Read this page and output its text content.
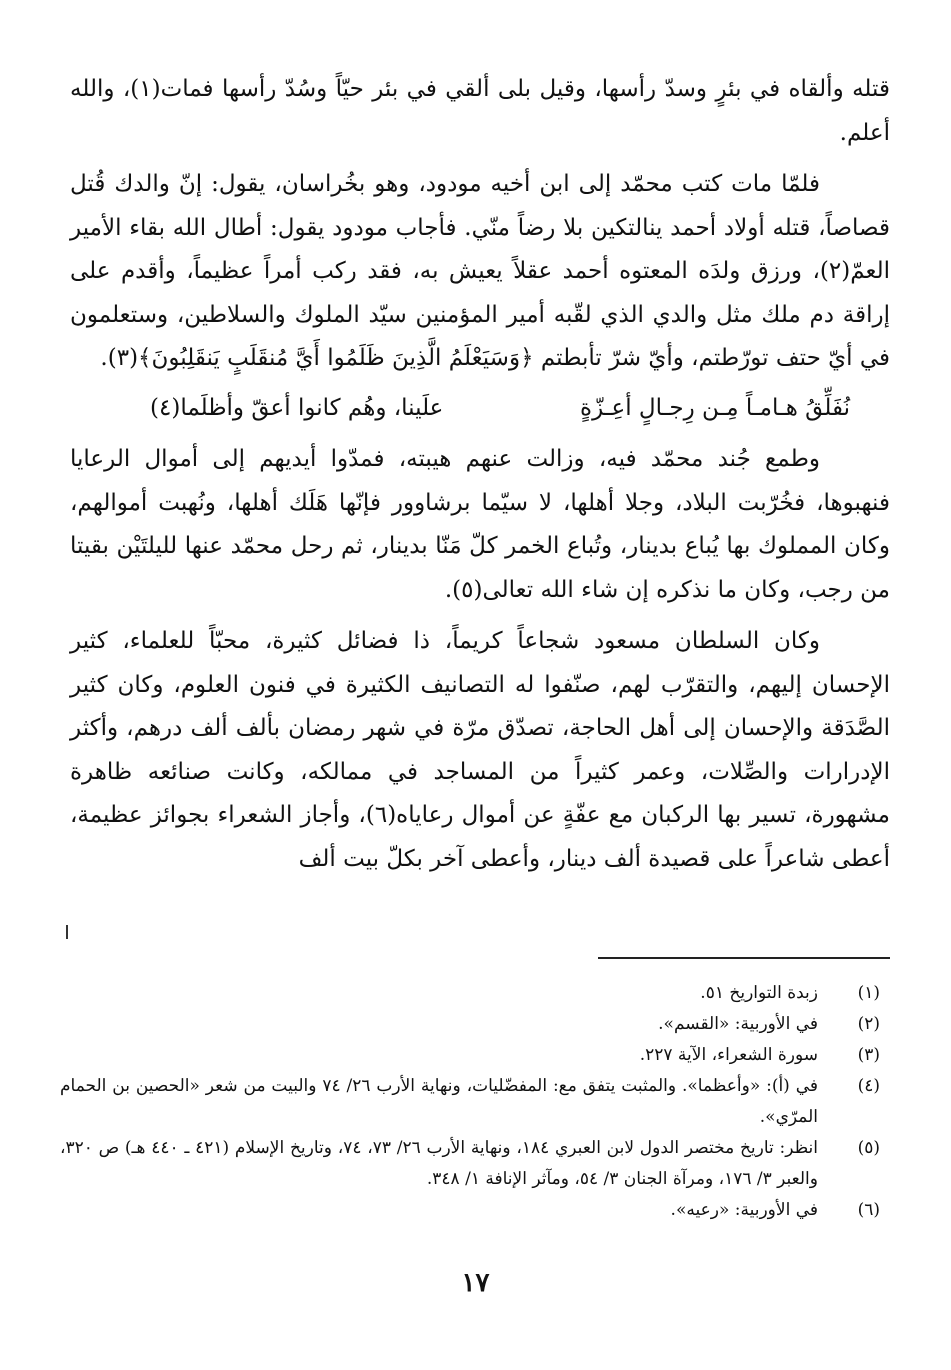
قتله وألقاه في بئرٍ وسدّ رأسها، وقيل بلى ألقي في بئر حيّاً وسُدّ رأسها فمات(١)، والله أعلم.

فلمّا مات كتب محمّد إلى ابن أخيه مودود، وهو بخُراسان، يقول: إنّ والدك قُتل قصاصاً، قتله أولاد أحمد ينالتكين بلا رضاً منّي. فأجاب مودود يقول: أطال الله بقاء الأمير العمّ(٢)، ورزق ولدَه المعتوه أحمد عقلاً يعيش به، فقد ركب أمراً عظيماً، وأقدم على إراقة دم ملك مثل والدي الذي لقّبه أمير المؤمنين سيّد الملوك والسلاطين، وستعلمون في أيّ حتف تورّطتم، وأيّ شرّ تأبطتم ﴿وَسَيَعْلَمُ الَّذِينَ ظَلَمُوا أَيَّ مُنقَلَبٍ يَنقَلِبُونَ﴾(٣).

نُفَلِّقُ هـامـاً مِـن رِجـالٍ أعِـزّةٍ
علَينا، وهُم كانوا أعقّ وأظلَما(٤)

وطمع جُند محمّد فيه، وزالت عنهم هيبته، فمدّوا أيديهم إلى أموال الرعايا فنهبوها، فخُرّبت البلاد، وجلا أهلها، لا سيّما برشاوور فإنّها هَلَك أهلها، ونُهبت أموالهم، وكان المملوك بها يُباع بدينار، وتُباع الخمر كلّ مَنّا بدينار، ثم رحل محمّد عنها لليلتَيْن بقيتا من رجب، وكان ما نذكره إن شاء الله تعالى(٥).

وكان السلطان مسعود شجاعاً كريماً، ذا فضائل كثيرة، محبّاً للعلماء، كثير الإحسان إليهم، والتقرّب لهم، صنّفوا له التصانيف الكثيرة في فنون العلوم، وكان كثير الصَّدَقة والإحسان إلى أهل الحاجة، تصدّق مرّة في شهر رمضان بألف ألف درهم، وأكثر الإدرارات والصِّلات، وعمر كثيراً من المساجد في ممالكه، وكانت صنائعه ظاهرة مشهورة، تسير بها الركبان مع عفّةٍ عن أموال رعاياه(٦)، وأجاز الشعراء بجوائز عظيمة، أعطى شاعراً على قصيدة ألف دينار، وأعطى آخر بكلّ بيت ألف

(١)
زبدة التواريخ ٥١.
(٢)
في الأوربية: «القسم».
(٣)
سورة الشعراء، الآية ٢٢٧.
(٤)
في (أ): «وأعظما». والمثبت يتفق مع: المفضّليات، ونهاية الأرب ٢٦/ ٧٤ والبيت من شعر «الحصين بن الحمام المرّي».
(٥)
انظر: تاريخ مختصر الدول لابن العبري ١٨٤، ونهاية الأرب ٢٦/ ٧٣، ٧٤، وتاريخ الإسلام (٤٢١ ـ ٤٤٠ هـ) ص ٣٢٠، والعبر ٣/ ١٧٦، ومرآة الجنان ٣/ ٥٤، ومآثر الإنافة ١/ ٣٤٨.
(٦)
في الأوربية: «رعيه».
١٧
